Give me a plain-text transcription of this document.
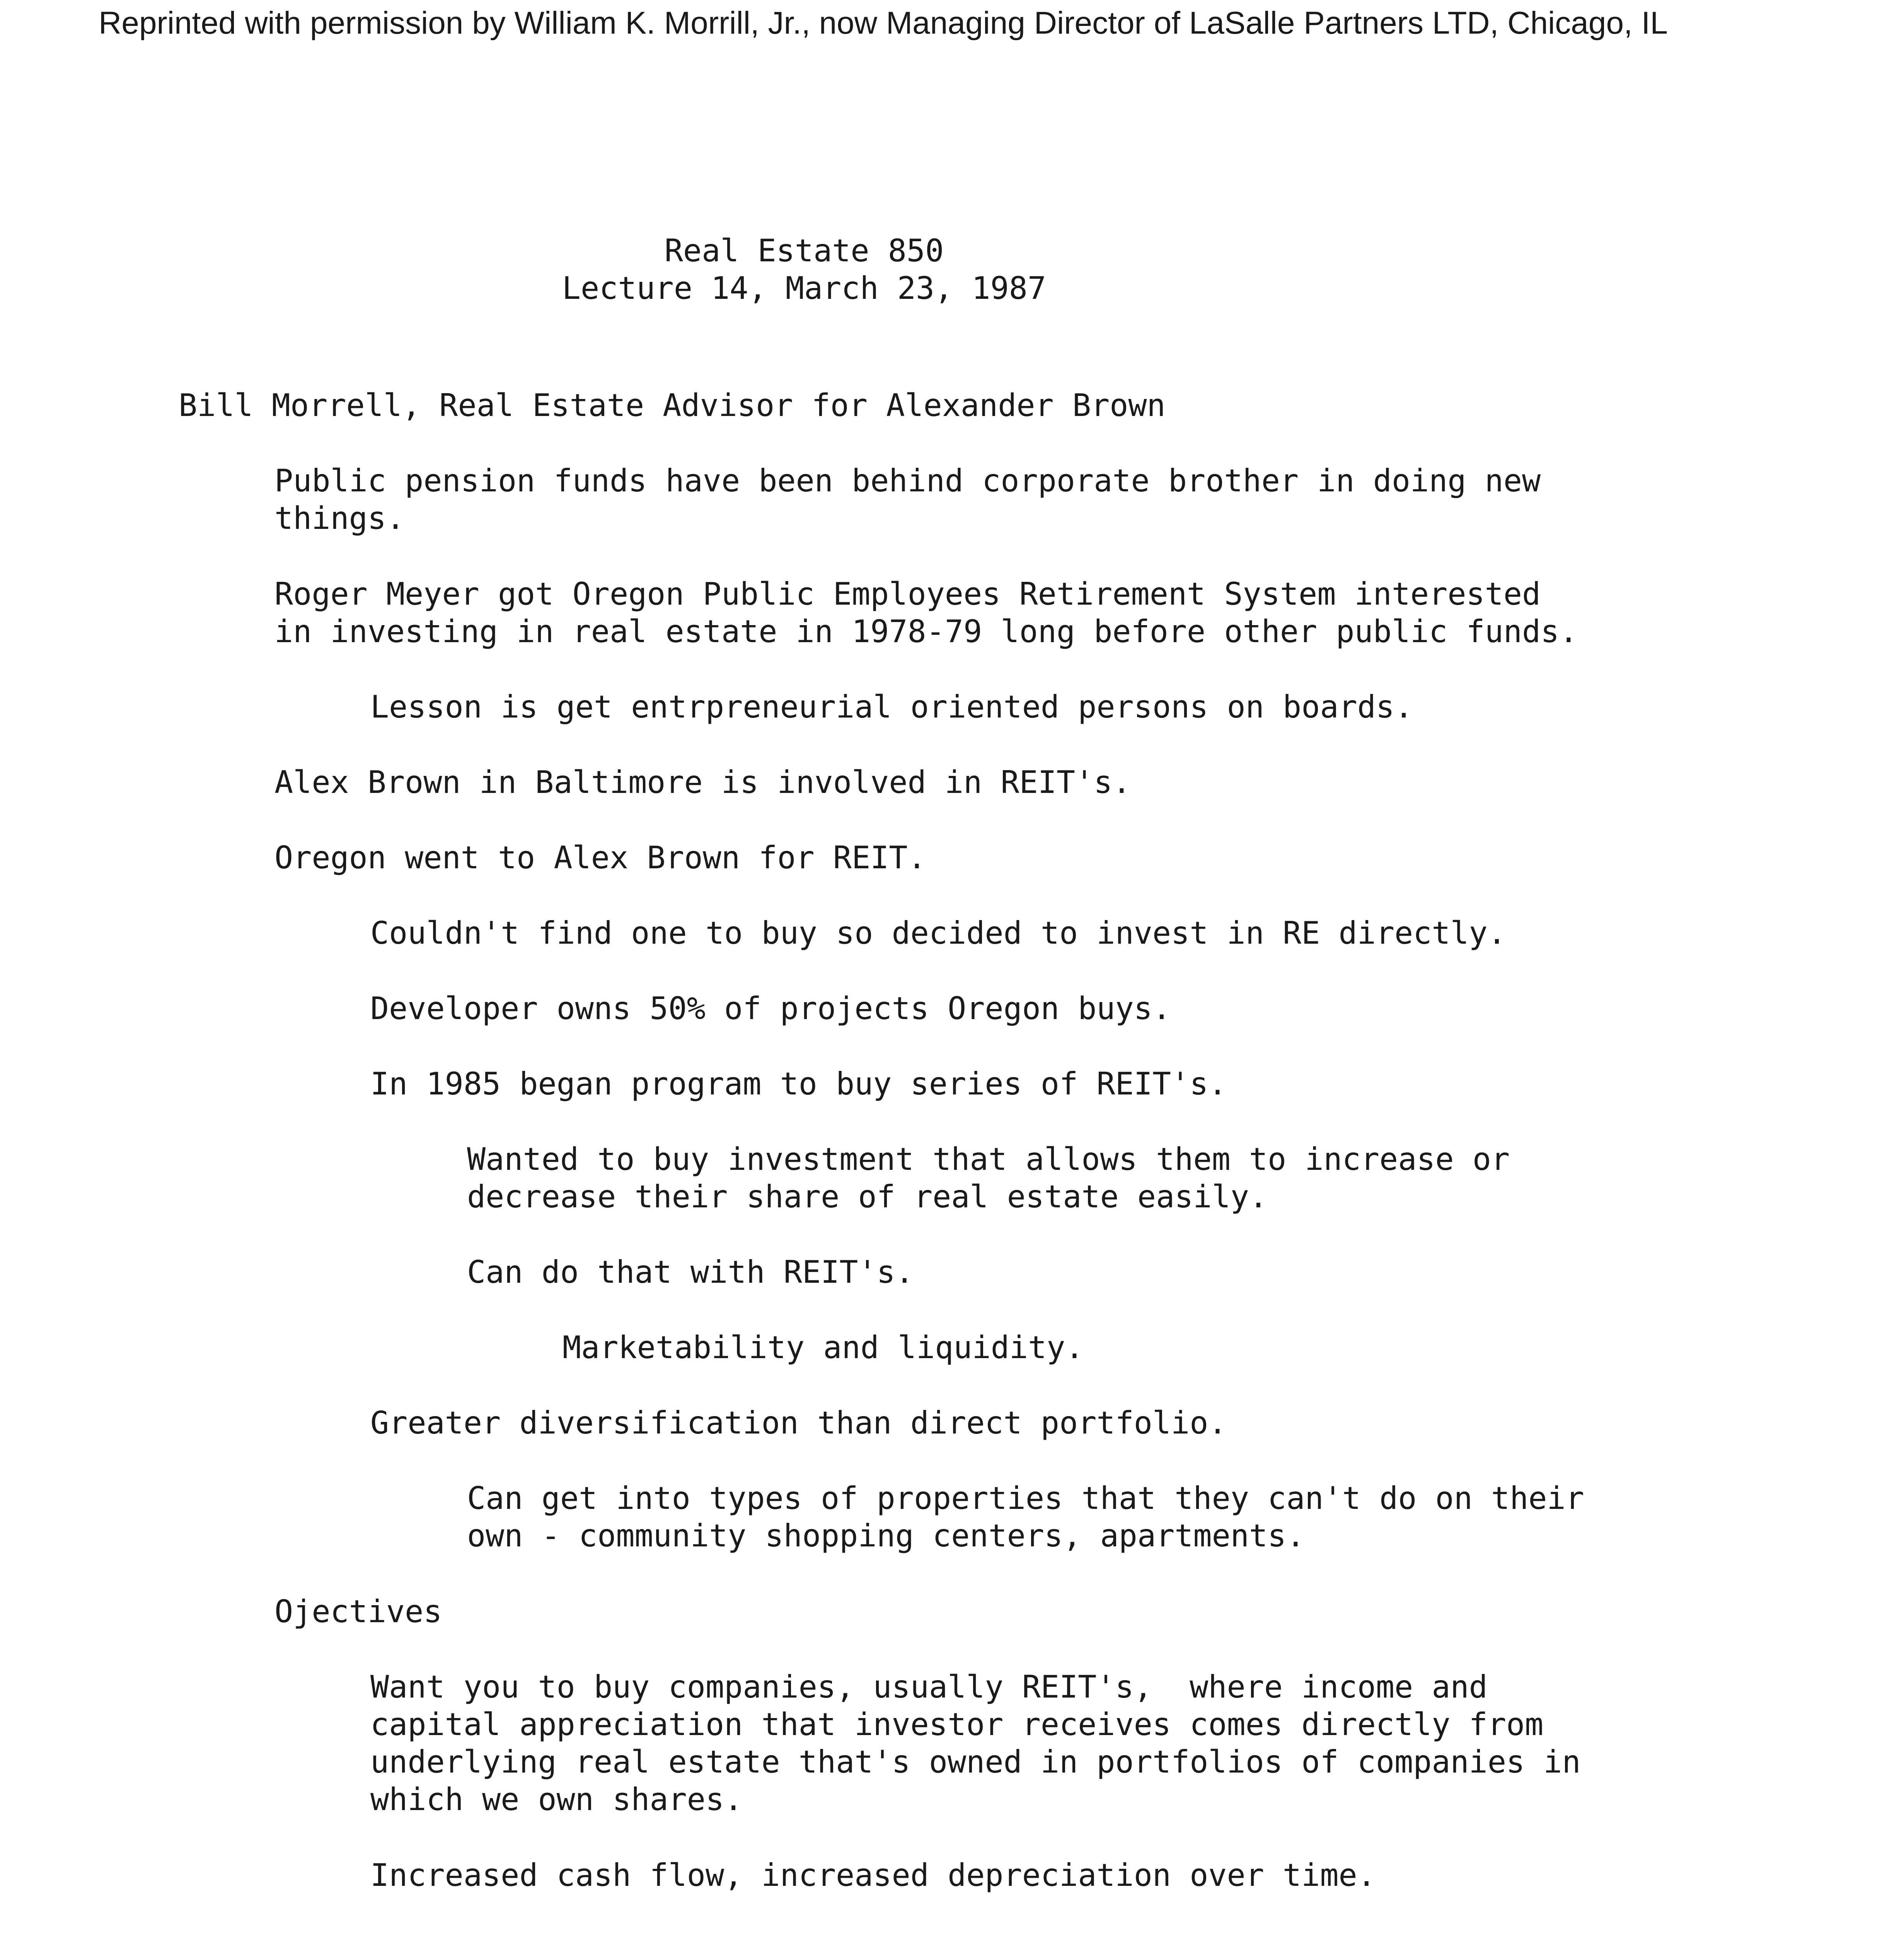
Reprinted with permission by William K. Morrill, Jr., now Managing Director of LaSalle Partners LTD, Chicago, IL
Real Estate 850
Lecture 14, March 23, 1987
Bill Morrell, Real Estate Advisor for Alexander Brown
Public pension funds have been behind corporate brother in doing new
things.
Roger Meyer got Oregon Public Employees Retirement System interested
in investing in real estate in 1978-79 long before other public funds.
Lesson is get entrpreneurial oriented persons on boards.
Alex Brown in Baltimore is involved in REIT's.
Oregon went to Alex Brown for REIT.
Couldn't find one to buy so decided to invest in RE directly.
Developer owns 50% of projects Oregon buys.
In 1985 began program to buy series of REIT's.
Wanted to buy investment that allows them to increase or
decrease their share of real estate easily.
Can do that with REIT's.
Marketability and liquidity.
Greater diversification than direct portfolio.
Can get into types of properties that they can't do on their
own - community shopping centers, apartments.
Ojectives
Want you to buy companies, usually REIT's,  where income and
capital appreciation that investor receives comes directly from
underlying real estate that's owned in portfolios of companies in
which we own shares.
Increased cash flow, increased depreciation over time.
